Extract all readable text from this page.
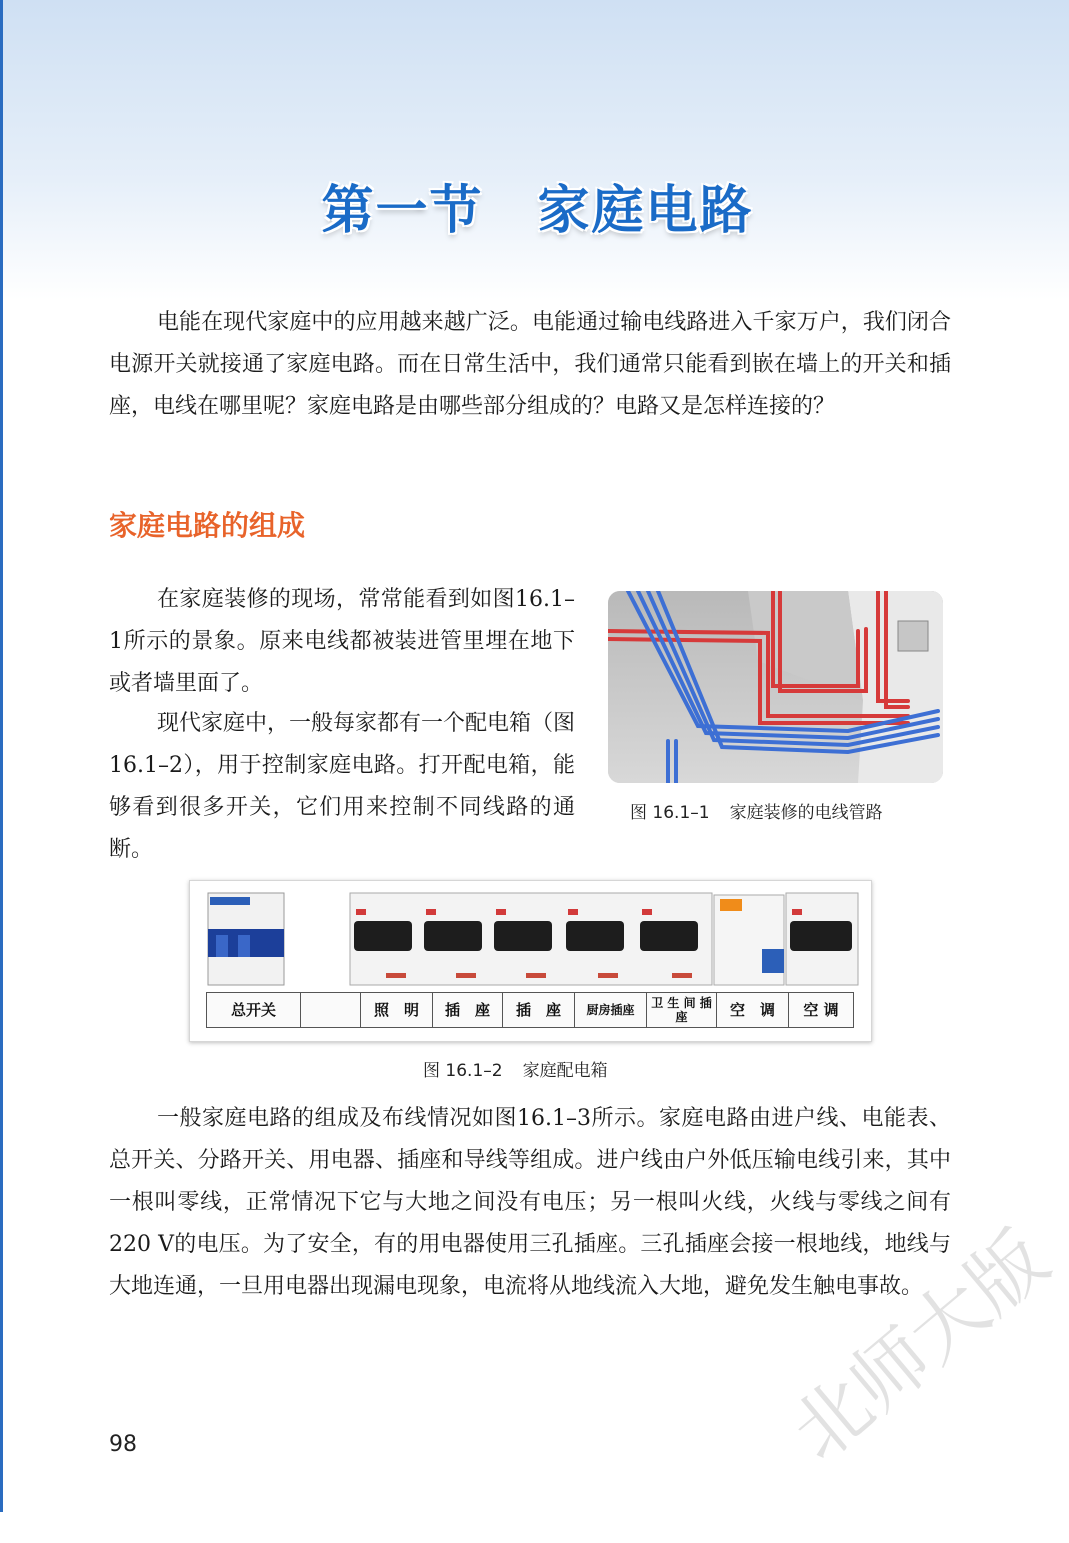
第一节 家庭电路

电能在现代家庭中的应用越来越广泛。电能通过输电线路进入千家万户，我们闭合电源开关就接通了家庭电路。而在日常生活中，我们通常只能看到嵌在墙上的开关和插座，电线在哪里呢？家庭电路是由哪些部分组成的？电路又是怎样连接的？

家庭电路的组成

在家庭装修的现场，常常能看到如图16.1–1所示的景象。原来电线都被装进管里埋在地下或者墙里面了。

现代家庭中，一般每家都有一个配电箱（图16.1–2），用于控制家庭电路。打开配电箱，能够看到很多开关，它们用来控制不同线路的通断。

图 16.1–1 家庭装修的电线管路
总开关	照　明	插　座	插　座	厨房插座	卫 生 间 插 座	空　调	空 调
图 16.1–2 家庭配电箱

一般家庭电路的组成及布线情况如图16.1–3所示。家庭电路由进户线、电能表、总开关、分路开关、用电器、插座和导线等组成。进户线由户外低压输电线引来，其中一根叫零线，正常情况下它与大地之间没有电压；另一根叫火线，火线与零线之间有220 V的电压。为了安全，有的用电器使用三孔插座。三孔插座会接一根地线，地线与大地连通，一旦用电器出现漏电现象，电流将从地线流入大地，避免发生触电事故。

98	北师大版
